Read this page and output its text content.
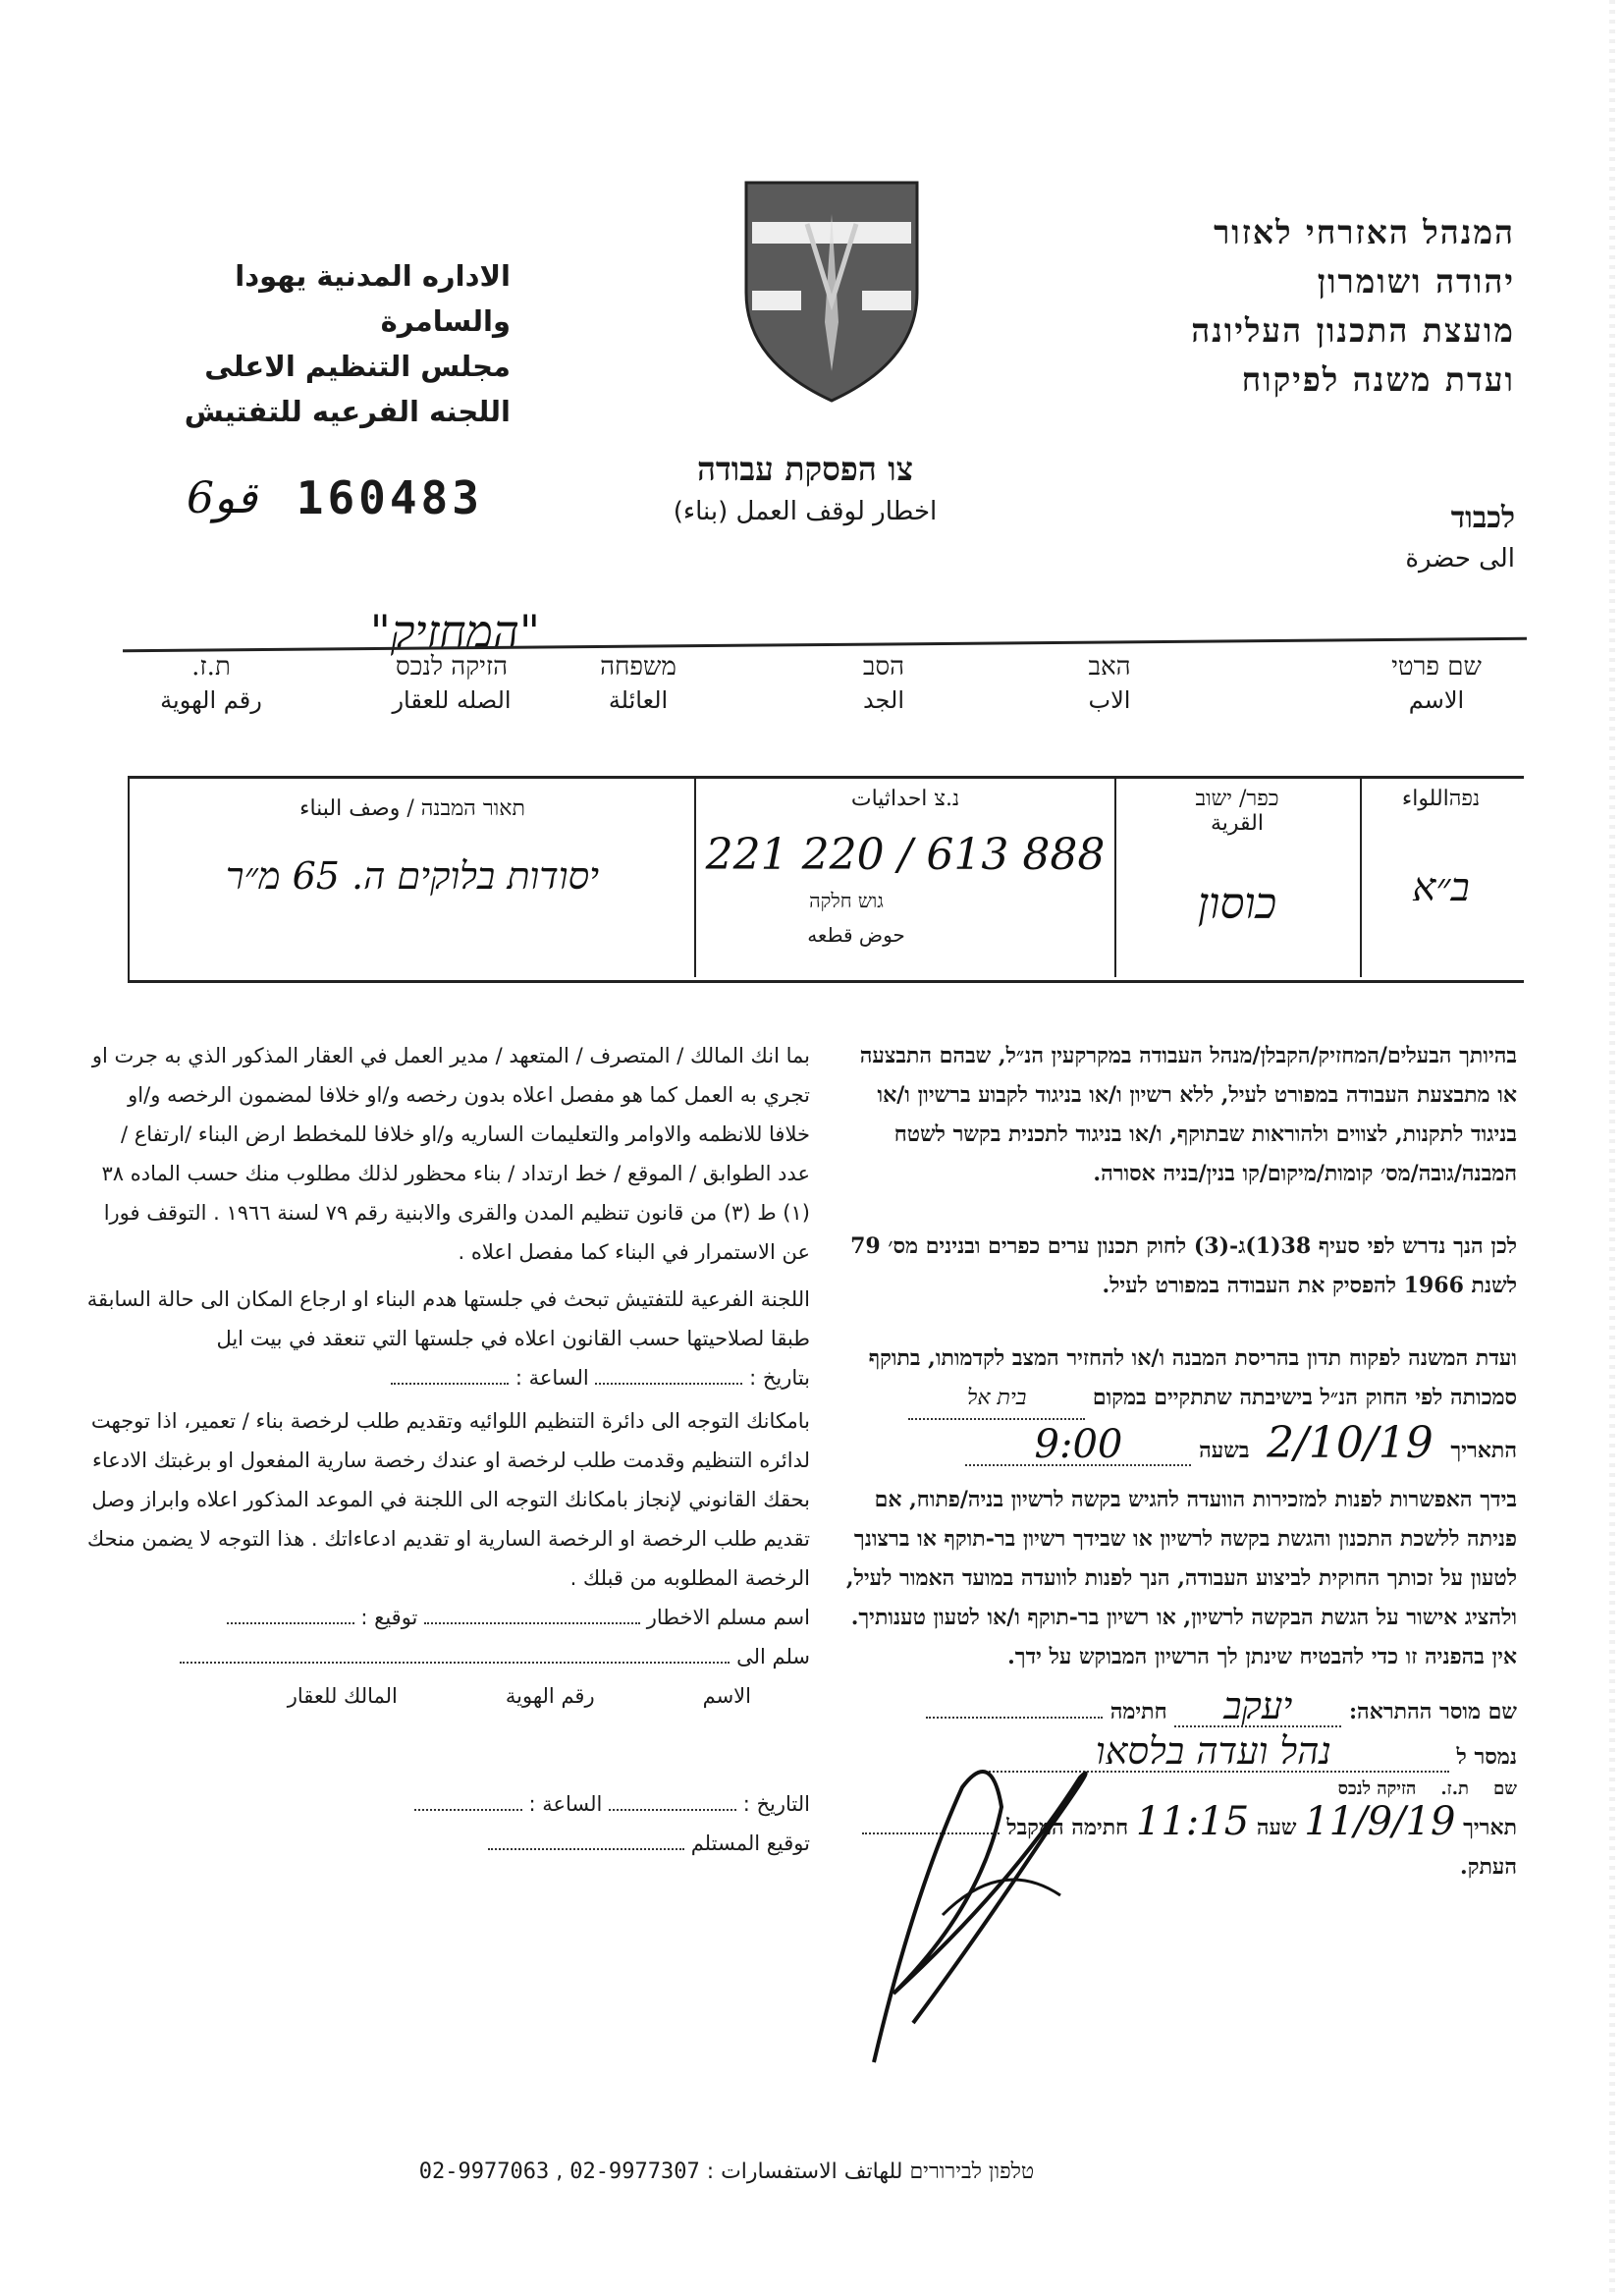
המנהל האזרחי לאזור
יהודה ושומרון
מועצת התכנון העליונה
ועדת משנה לפיקוח
الاداره المدنية يهودا
والسامرة
مجلس التنظيم الاعلى
اللجنه الفرعيه للتفتيش
قو6 160483
צו הפסקת עבודה
اخطار لوقف العمل (بناء)	לכבוד
الى حضرة
"המחזיק"
שם פרטי
الاسم
האב
الاب
הסב
الجد
משפחה
العائلة
הזיקה לנכס
الصله للعقار
ת.ז.
رقم الهوية
נפהاللواء
ב״א
כפר/ ישוב
القرية
כוסון
נ.צ احداثيات
221 220 / 613 888
גוש חלקה
حوض قطعه
תאור המבנה / وصف البناء
יסודות בלוקים ה. 65 מ״ר

בהיותך הבעלים/המחזיק/הקבלן/מנהל העבודה במקרקעין הנ״ל, שבהם התבצעה או מתבצעת העבודה במפורט לעיל, ללא רשיון ו/או בניגוד לקבוע ברשיון ו/או בניגוד לתקנות, לצווים ולהוראות שבתוקף, ו/או בניגוד לתכנית בקשר לשטח המבנה/גובה/מס׳ קומות/מיקום/קו בנין/בניה אסורה.

לכן הנך נדרש לפי סעיף 38(1)ג-(3) לחוק תכנון ערים כפרים ובנינים מס׳ 79 לשנת 1966 להפסיק את העבודה במפורט לעיל.

ועדת המשנה לפקוח תדון בהריסת המבנה ו/או להחזיר המצב לקדמותו, בתוקף סמכותה לפי החוק הנ״ל בישיבתה שתתקיים במקום בית אל

התאריך 2/10/19 בשעה 9:00

בידך האפשרות לפנות למזכירות הוועדה להגיש בקשה לרשיון בניה/פתוח, אם פניתה ללשכת התכנון והגשת בקשה לרשיון או שבידך רשיון בר-תוקף או ברצונך לטעון על זכותך החוקית לביצוע העבודה, הנך לפנות לוועדה במועד האמור לעיל, ולהציג אישור על הגשת הבקשה לרשיון, או רשיון בר-תוקף ו/או לטעון טענותיך.

אין בהפניה זו כדי להבטיח שינתן לך הרשיון המבוקש על ידך.

שם מוסר ההתראה: יעקב חתימה
נמסר ל נהל ועדה בלסאו
שם    ת.ז.    הזיקה לנכס
תאריך 11/9/19 שעה 11:15 חתימה המקבל
העתק.

بما انك المالك / المتصرف / المتعهد / مدير العمل في العقار المذكور الذي به جرت او تجري به العمل كما هو مفصل اعلاه بدون رخصه و/او خلافا لمضمون الرخصه و/او خلافا للانظمه والاوامر والتعليمات الساريه و/او خلافا للمخطط ارض البناء /ارتفاع / عدد الطوابق / الموقع / خط ارتداد / بناء محظور لذلك مطلوب منك حسب الماده ٣٨ (١) ط (٣) من قانون تنظيم المدن والقرى والابنية رقم ٧٩ لسنة ١٩٦٦ . التوقف فورا عن الاستمرار في البناء كما مفصل اعلاه .

اللجنة الفرعية للتفتيش تبحث في جلستها هدم البناء او ارجاع المكان الى حالة السابقة طبقا لصلاحيتها حسب القانون اعلاه في جلستها التي تنعقد في بيت ايل

بتاريخ :  الساعة :

بامكانك التوجه الى دائرة التنظيم اللوائيه وتقديم طلب لرخصة بناء / تعمير، اذا توجهت لدائره التنظيم وقدمت طلب لرخصة او عندك رخصة سارية المفعول او برغبتك الادعاء بحقك القانوني لإنجاز بامكانك التوجه الى اللجنة في الموعد المذكور اعلاه وابراز وصل تقديم طلب الرخصة او الرخصة السارية او تقديم ادعاءاتك . هذا التوجه لا يضمن منحك الرخصة المطلوبه من قبلك .

اسم مسلم الاخطار  توقيع :
سلم الى
الاسم
رقم الهوية
المالك للعقار
التاريخ :  الساعة :
توقيع المستلم
טלפון לבירורים للهاتف الاستفسارات : 02-9977063 , 02-9977307
